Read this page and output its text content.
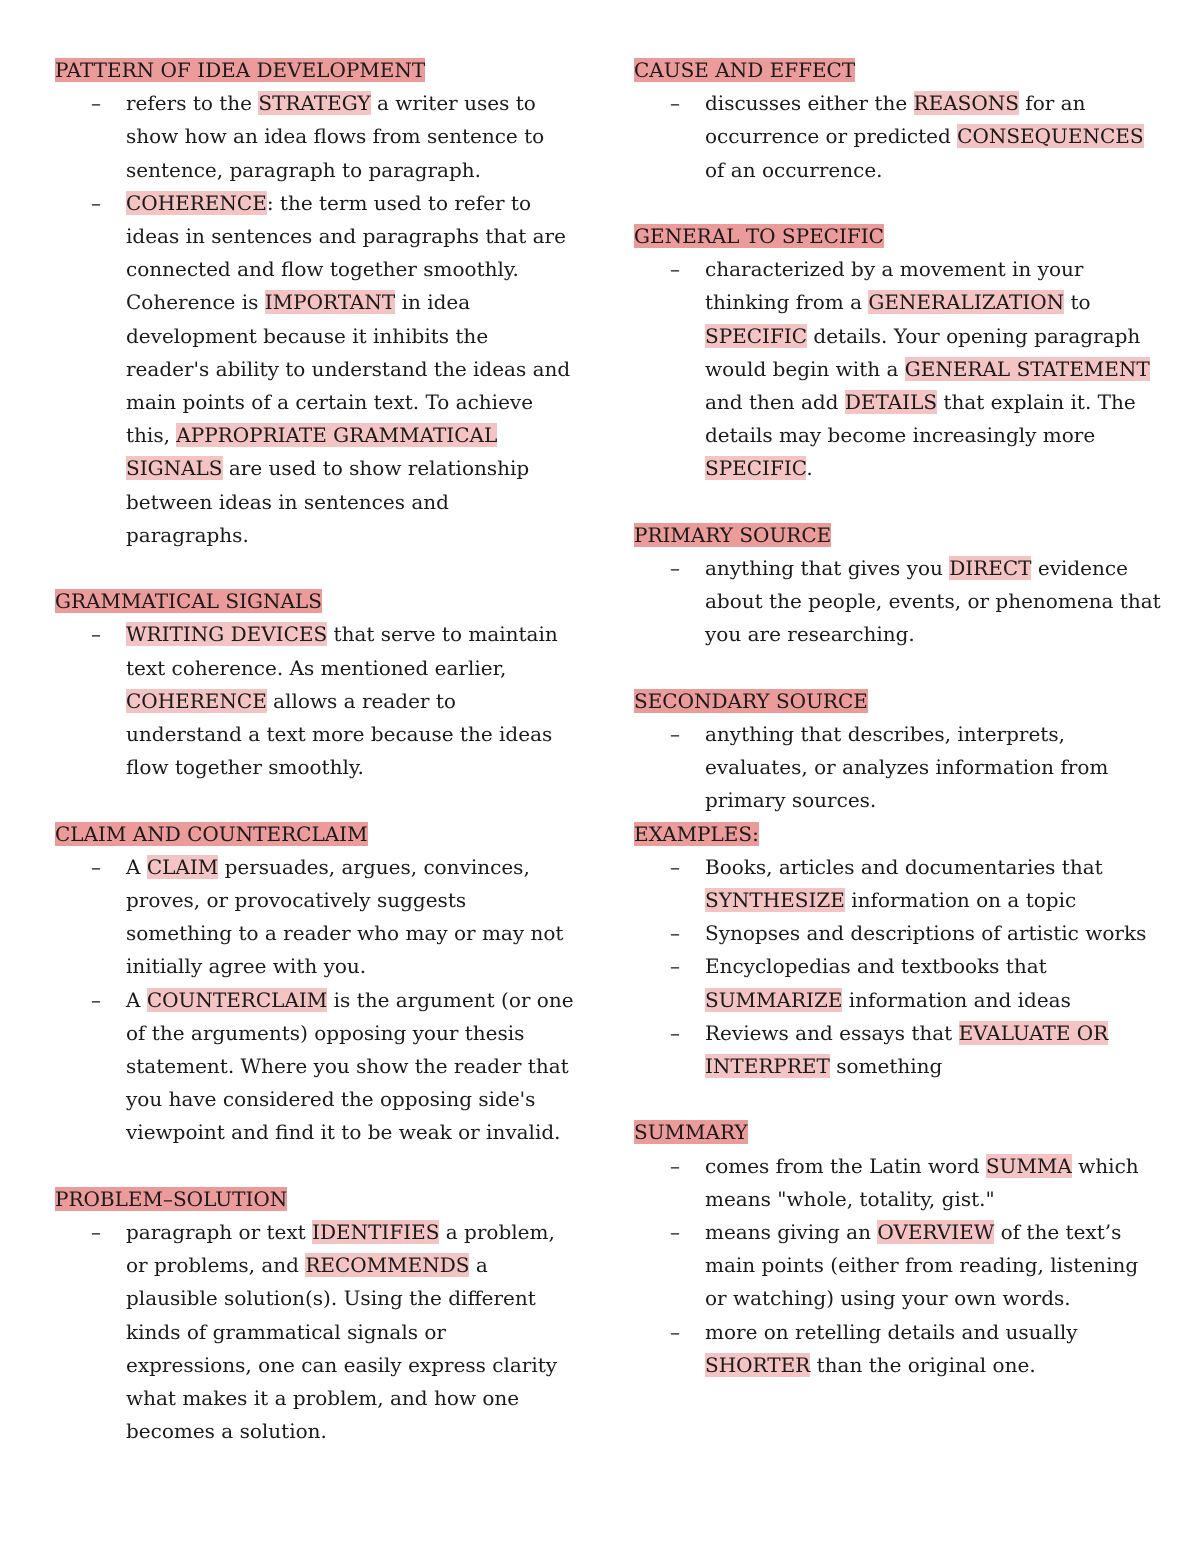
PATTERN OF IDEA DEVELOPMENT
– refers to the STRATEGY a writer uses to show how an idea flows from sentence to sentence, paragraph to paragraph.
– COHERENCE: the term used to refer to ideas in sentences and paragraphs that are connected and flow together smoothly. Coherence is IMPORTANT in idea development because it inhibits the reader's ability to understand the ideas and main points of a certain text. To achieve this, APPROPRIATE GRAMMATICAL SIGNALS are used to show relationship between ideas in sentences and paragraphs.
GRAMMATICAL SIGNALS
– WRITING DEVICES that serve to maintain text coherence. As mentioned earlier, COHERENCE allows a reader to understand a text more because the ideas flow together smoothly.
CLAIM AND COUNTERCLAIM
– A CLAIM persuades, argues, convinces, proves, or provocatively suggests something to a reader who may or may not initially agree with you.
– A COUNTERCLAIM is the argument (or one of the arguments) opposing your thesis statement. Where you show the reader that you have considered the opposing side's viewpoint and find it to be weak or invalid.
PROBLEM–SOLUTION
– paragraph or text IDENTIFIES a problem, or problems, and RECOMMENDS a plausible solution(s). Using the different kinds of grammatical signals or expressions, one can easily express clarity what makes it a problem, and how one becomes a solution.
CAUSE AND EFFECT
– discusses either the REASONS for an occurrence or predicted CONSEQUENCES of an occurrence.
GENERAL TO SPECIFIC
– characterized by a movement in your thinking from a GENERALIZATION to SPECIFIC details. Your opening paragraph would begin with a GENERAL STATEMENT and then add DETAILS that explain it. The details may become increasingly more SPECIFIC.
PRIMARY SOURCE
– anything that gives you DIRECT evidence about the people, events, or phenomena that you are researching.
SECONDARY SOURCE
– anything that describes, interprets, evaluates, or analyzes information from primary sources.
EXAMPLES:
– Books, articles and documentaries that SYNTHESIZE information on a topic
– Synopses and descriptions of artistic works
– Encyclopedias and textbooks that SUMMARIZE information and ideas
– Reviews and essays that EVALUATE OR INTERPRET something
SUMMARY
– comes from the Latin word SUMMA which means "whole, totality, gist."
– means giving an OVERVIEW of the text’s main points (either from reading, listening or watching) using your own words.
– more on retelling details and usually SHORTER than the original one.
